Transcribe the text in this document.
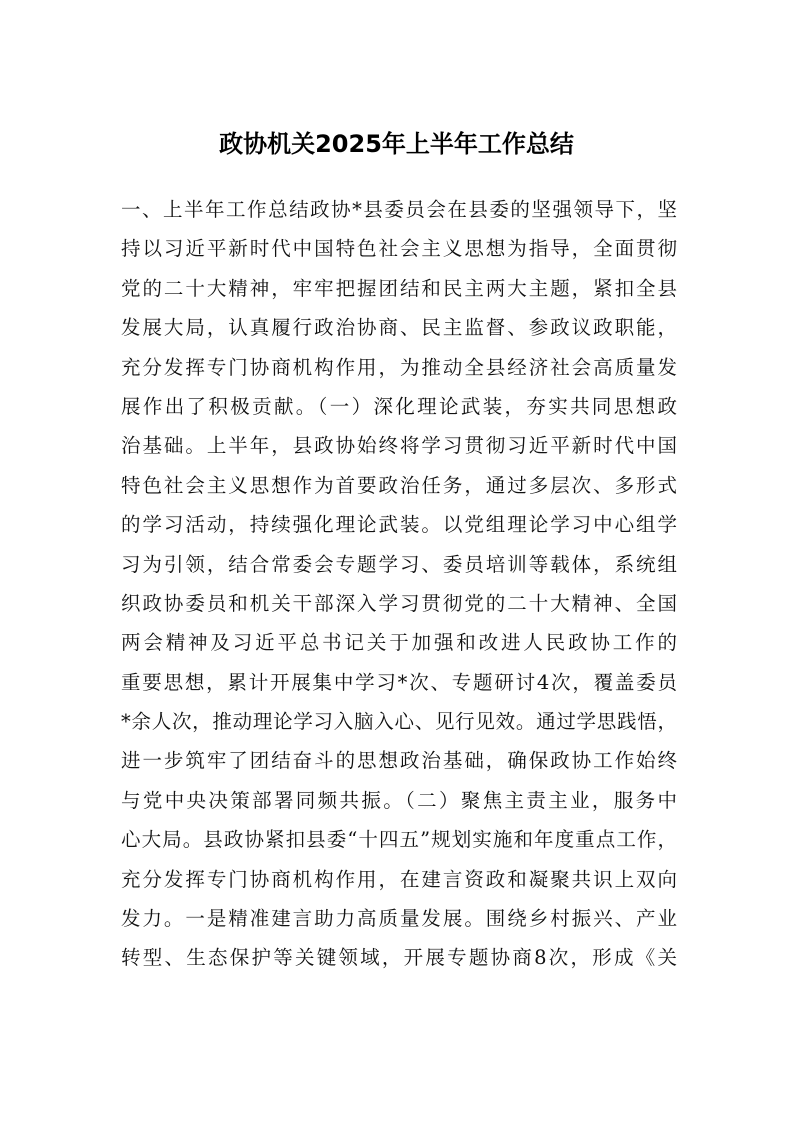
政协机关2025年上半年工作总结
一、上半年工作总结政协*县委员会在县委的坚强领导下，坚
持以习近平新时代中国特色社会主义思想为指导，全面贯彻
党的二十大精神，牢牢把握团结和民主两大主题，紧扣全县
发展大局，认真履行政治协商、民主监督、参政议政职能，
充分发挥专门协商机构作用，为推动全县经济社会高质量发
展作出了积极贡献。（一）深化理论武装，夯实共同思想政
治基础。上半年，县政协始终将学习贯彻习近平新时代中国
特色社会主义思想作为首要政治任务，通过多层次、多形式
的学习活动，持续强化理论武装。以党组理论学习中心组学
习为引领，结合常委会专题学习、委员培训等载体，系统组
织政协委员和机关干部深入学习贯彻党的二十大精神、全国
两会精神及习近平总书记关于加强和改进人民政协工作的
重要思想，累计开展集中学习*次、专题研讨4次，覆盖委员
*余人次，推动理论学习入脑入心、见行见效。通过学思践悟，
进一步筑牢了团结奋斗的思想政治基础，确保政协工作始终
与党中央决策部署同频共振。（二）聚焦主责主业，服务中
心大局。县政协紧扣县委“十四五”规划实施和年度重点工作，
充分发挥专门协商机构作用，在建言资政和凝聚共识上双向
发力。一是精准建言助力高质量发展。围绕乡村振兴、产业
转型、生态保护等关键领域，开展专题协商8次，形成《关
